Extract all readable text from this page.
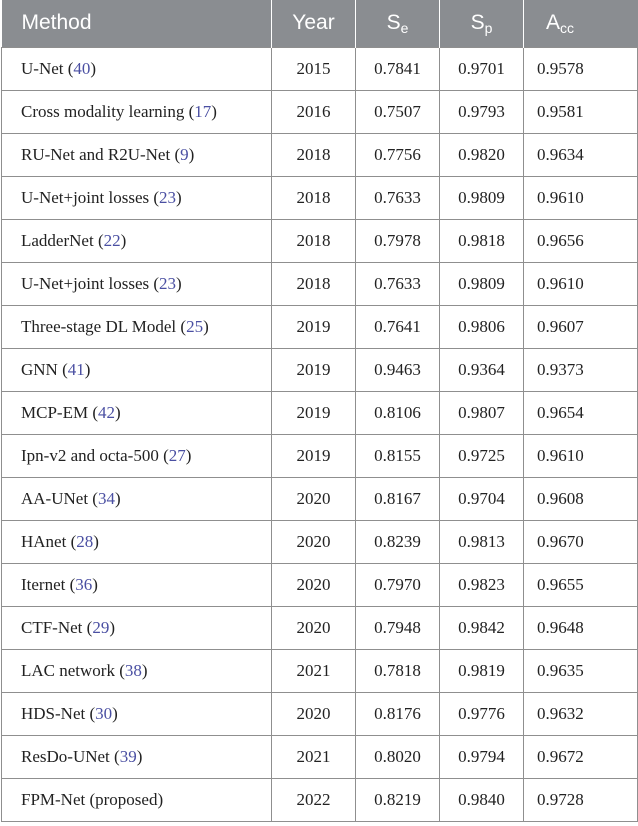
Method	Year	$S_e$	$S_p$	$A_{cc}$
U-Net (40)	2015	0.7841	0.9701	0.9578
Cross modality learning (17)	2016	0.7507	0.9793	0.9581
RU-Net and R2U-Net (9)	2018	0.7756	0.9820	0.9634
U-Net+joint losses (23)	2018	0.7633	0.9809	0.9610
LadderNet (22)	2018	0.7978	0.9818	0.9656
U-Net+joint losses (23)	2018	0.7633	0.9809	0.9610
Three-stage DL Model (25)	2019	0.7641	0.9806	0.9607
GNN (41)	2019	0.9463	0.9364	0.9373
MCP-EM (42)	2019	0.8106	0.9807	0.9654
Ipn-v2 and octa-500 (27)	2019	0.8155	0.9725	0.9610
AA-UNet (34)	2020	0.8167	0.9704	0.9608
HAnet (28)	2020	0.8239	0.9813	0.9670
Iternet (36)	2020	0.7970	0.9823	0.9655
CTF-Net (29)	2020	0.7948	0.9842	0.9648
LAC network (38)	2021	0.7818	0.9819	0.9635
HDS-Net (30)	2020	0.8176	0.9776	0.9632
ResDo-UNet (39)	2021	0.8020	0.9794	0.9672
FPM-Net (proposed)	2022	0.8219	0.9840	0.9728
